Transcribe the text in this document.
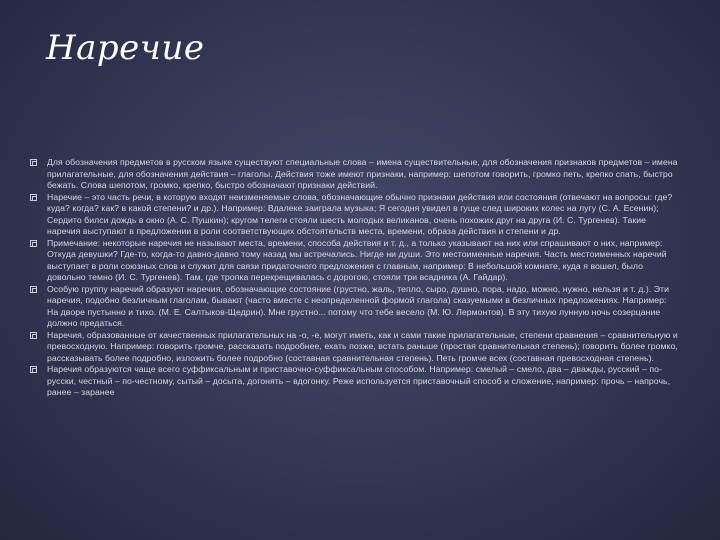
Наречие
Для обозначения предметов в русском языке существуют специальные слова – имена существительные, для обозначения признаков предметов – имена прилагательные, для обозначения действия – глаголы. Действия тоже имеют признаки, например: шепотом говорить, громко петь, крепко спать, быстро бежать. Слова шепотом, громко, крепко, быстро обозначают признаки действий.
Наречие – это часть речи, в которую входят неизменяемые слова, обозначающие обычно признаки действия или состояния (отвечают на вопросы: где? куда? когда? как? в какой степени? и др.). Например: Вдалеке заиграла музыка; Я сегодня увидел в гуще след широких колес на лугу (С. А. Есенин); Сердито билси дождь в окно (А. С. Пушкин); кругом телеги стояли шесть молодых великанов, очень похожих друг на друга (И. С. Тургенев). Такие наречия выступают в предложении в роли соответствующих обстоятельств места, времени, образа действия и степени и др.
Примечание: некоторые наречия не называют места, времени, способа действия и т. д., а только указывают на них или спрашивают о них, например: Откуда девушки? Где-то, когда-то давно-давно тому назад мы встречались. Нигде ни души. Это местоименные наречия. Часть местоименных наречий выступает в роли союзных слов и служит для связи придаточного предложения с главным, например: В небольшой комнате, куда я вошел, было довольно темно (И. С. Тургенев). Там, где тропка перекрещивалась с дорогою, стояли три всадника (А. Гайдар).
Особую группу наречий образуют наречия, обозначающие состояние (грустно, жаль, тепло, сыро, душно, пора, надо, можно, нужно, нельзя и т. д.). Эти наречия, подобно безличным глаголам, бывают (часто вместе с неопределенной формой глагола) сказуемыми в безличных предложениях. Например: На дворе пустынно и тихо. (М. Е. Салтыков-Щедрин). Мне грустно... потому что тебе весело (М. Ю. Лермонтов). В эту тихую лунную ночь созерцание должно предаться.
Наречия, образованные от качественных прилагательных на -о, -е, могут иметь, как и сами такие прилагательные, степени сравнения – сравнительную и превосходную. Например: говорить громче, рассказать подробнее, ехать позже, встать раньше (простая сравнительная степень); говорить более громко, рассказывать более подробно, изложить более подробно (составная сравнительная степень). Петь громче всех (составная превосходная степень).
Наречия образуются чаще всего суффиксальным и приставочно-суффиксальным способом. Например: смелый – смело, два – дважды, русский – по-русски, честный – по-честному, сытый – досыта, догонять – вдогонку. Реже используется приставочный способ и сложение, например: прочь – напрочь, ранее – заранее
